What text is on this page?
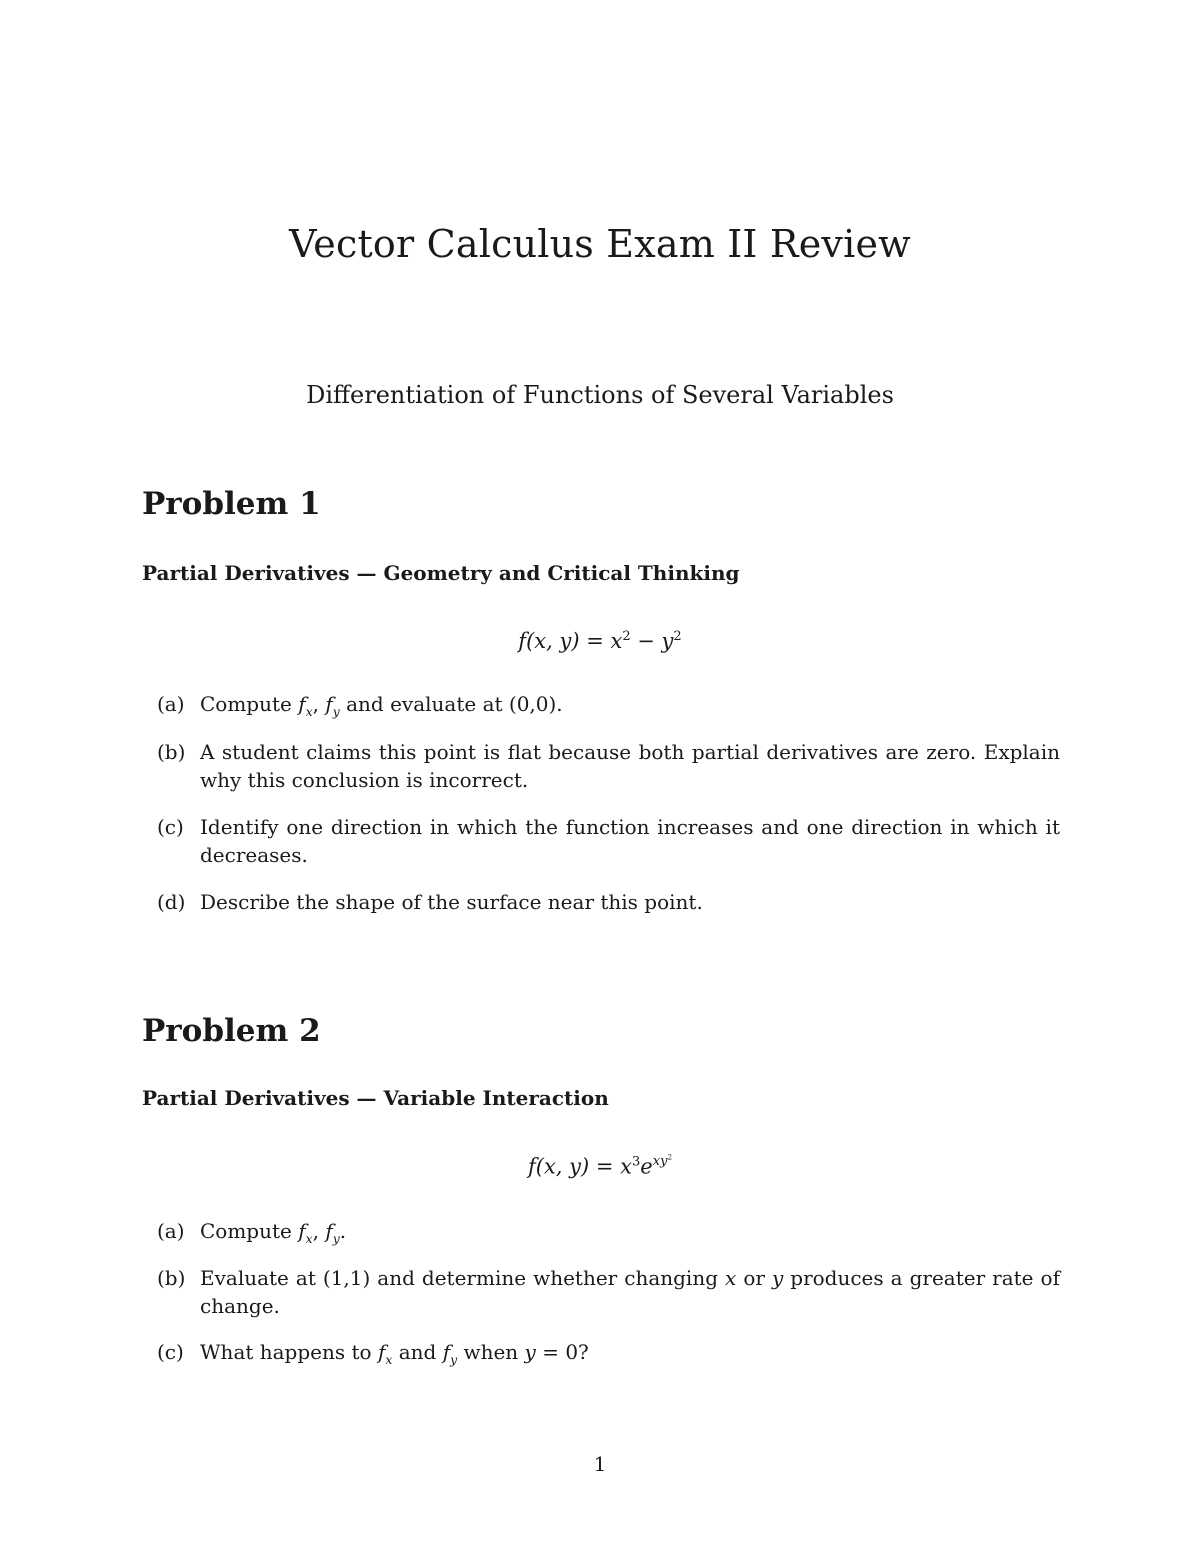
Vector Calculus Exam II Review
Differentiation of Functions of Several Variables
Problem 1
Partial Derivatives — Geometry and Critical Thinking
f(x, $y) = x^2 - y^2$
(a) Compute $f_x$, $f_y$ and evaluate at (0,0).
(b) A student claims this point is flat because both partial derivatives are zero. Explain why this conclusion is incorrect.
(c) Identify one direction in which the function increases and one direction in which it decreases.
(d) Describe the shape of the surface near this point.
Problem 2
Partial Derivatives — Variable Interaction
f(x, $y) = x^3e^{xy^2}$
(a) Compute $f_x$, $f_y$.
(b) Evaluate at (1,1) and determine whether changing x or y produces a greater rate of change.
(c) What happens to $f_x$ and $f_y$ when y = 0?
1
